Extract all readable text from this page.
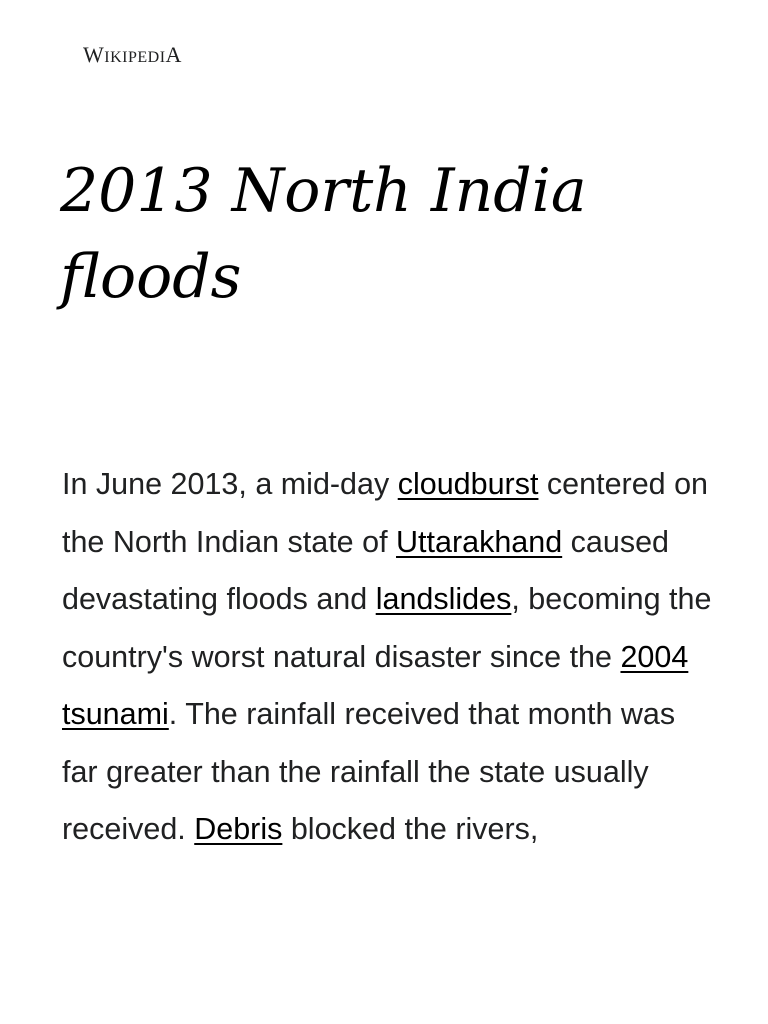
WIKIPEDIA
2013 North India floods

In June 2013, a mid-day cloudburst centered on the North Indian state of Uttarakhand caused devastating floods and landslides, becoming the country's worst natural disaster since the 2004 tsunami. The rainfall received that month was far greater than the rainfall the state usually received. Debris blocked the rivers,
